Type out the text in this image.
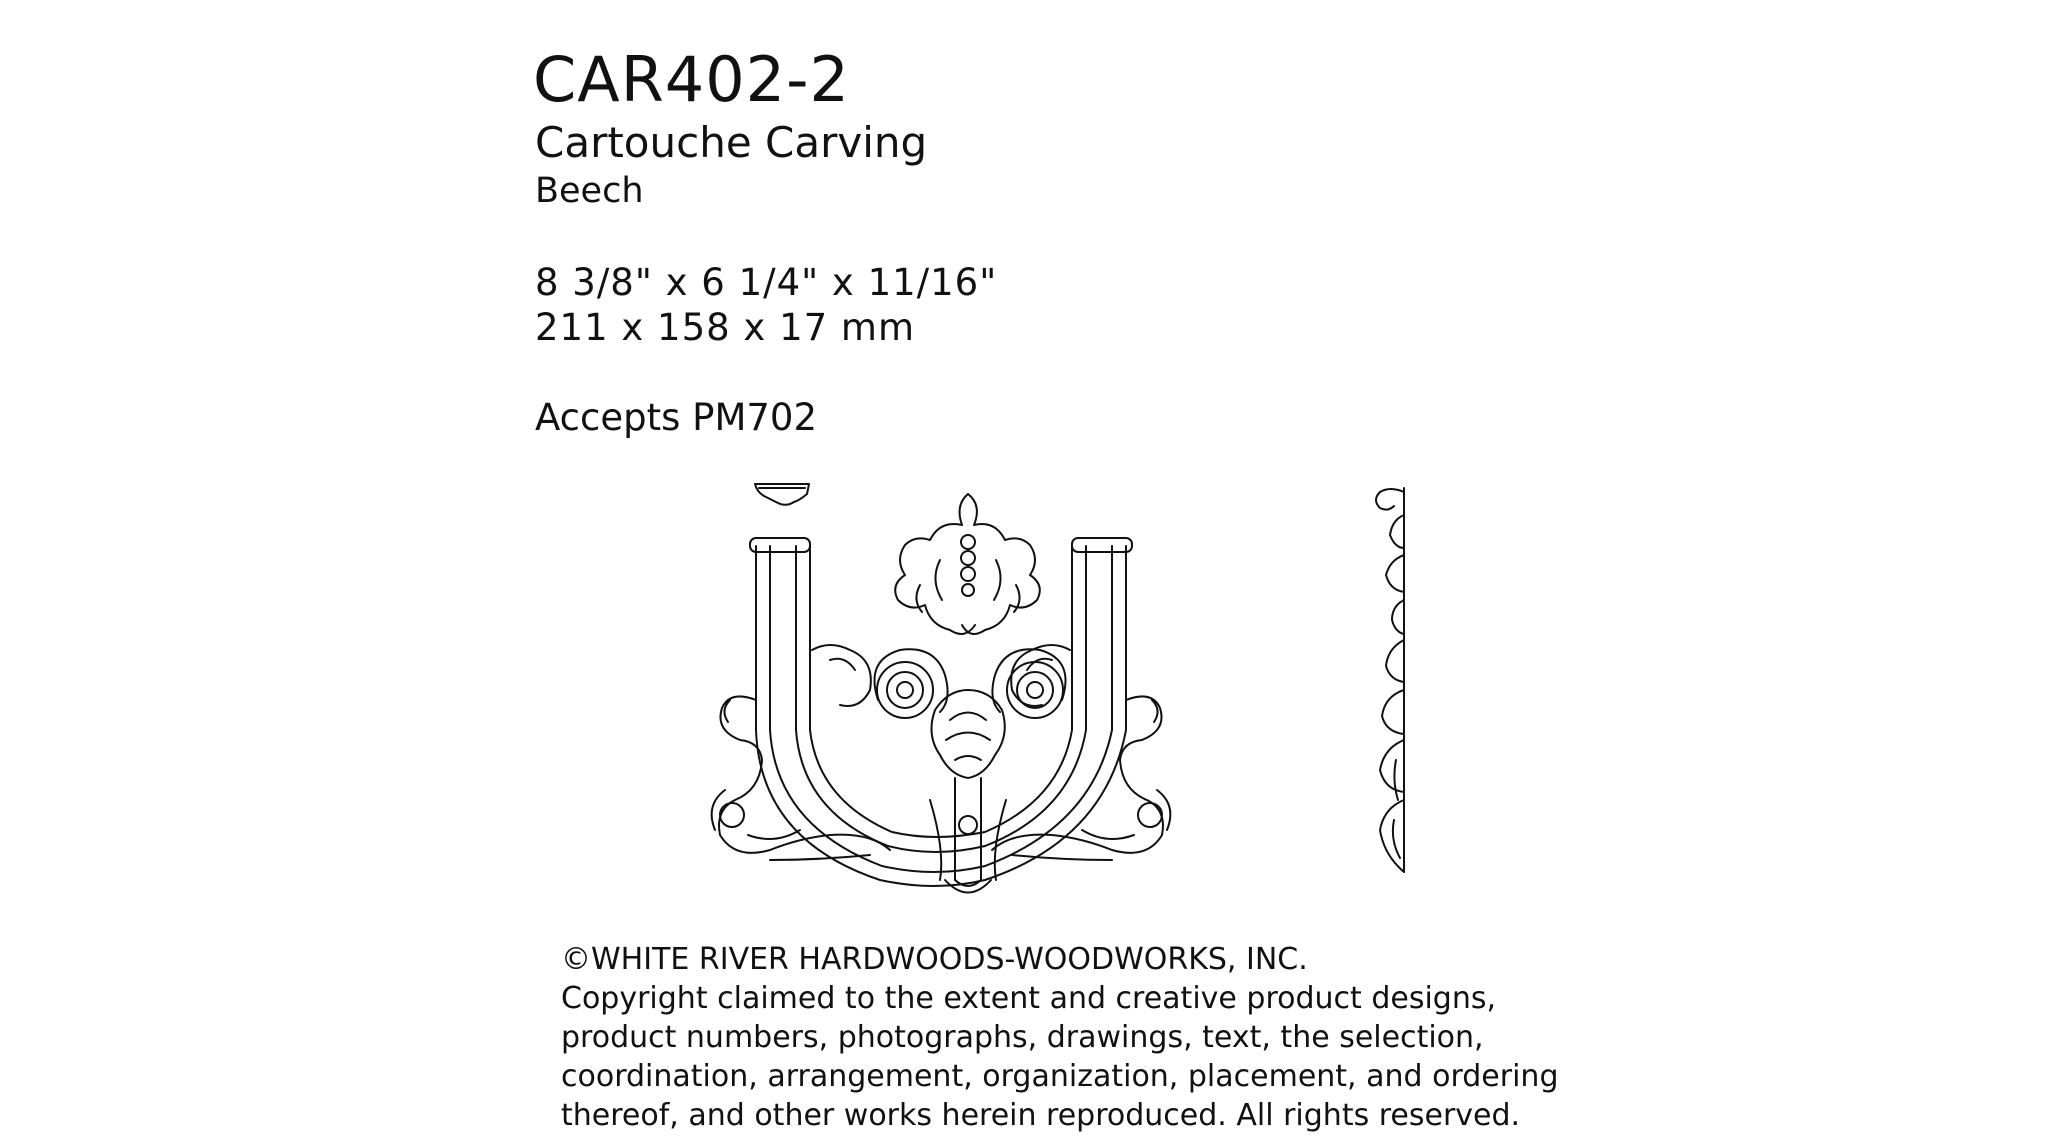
CAR402-2
Cartouche Carving
Beech
8 3/8" x 6 1/4" x 11/16"
211 x 158 x 17 mm
Accepts PM702
©WHITE RIVER HARDWOODS-WOODWORKS, INC.
Copyright claimed to the extent and creative product designs,
product numbers, photographs, drawings, text, the selection,
coordination, arrangement, organization, placement, and ordering
thereof, and other works herein reproduced. All rights reserved.
